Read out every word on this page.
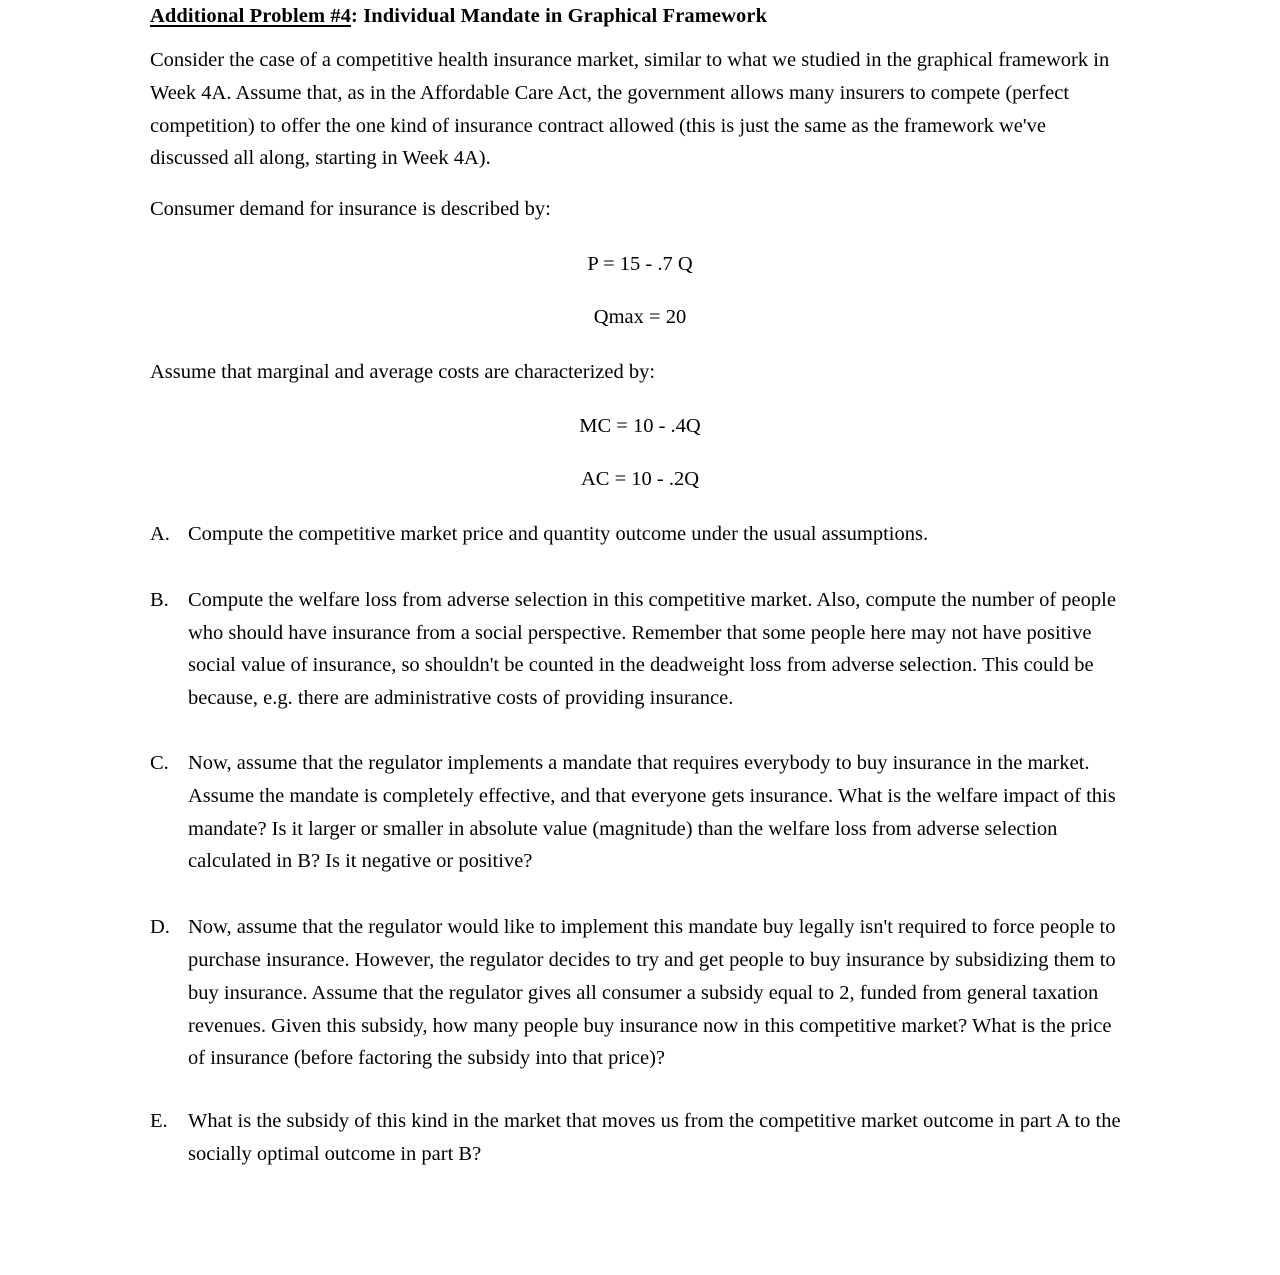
Additional Problem #4: Individual Mandate in Graphical Framework

Consider the case of a competitive health insurance market, similar to what we studied in the graphical framework in Week 4A. Assume that, as in the Affordable Care Act, the government allows many insurers to compete (perfect competition) to offer the one kind of insurance contract allowed (this is just the same as the framework we've discussed all along, starting in Week 4A).

Consumer demand for insurance is described by:

P = 15 - .7 Q
Qmax = 20

Assume that marginal and average costs are characterized by:

MC = 10 - .4Q
AC = 10 - .2Q
A. Compute the competitive market price and quantity outcome under the usual assumptions.
B. Compute the welfare loss from adverse selection in this competitive market. Also, compute the number of people who should have insurance from a social perspective. Remember that some people here may not have positive social value of insurance, so shouldn't be counted in the deadweight loss from adverse selection. This could be because, e.g. there are administrative costs of providing insurance.
C. Now, assume that the regulator implements a mandate that requires everybody to buy insurance in the market. Assume the mandate is completely effective, and that everyone gets insurance. What is the welfare impact of this mandate? Is it larger or smaller in absolute value (magnitude) than the welfare loss from adverse selection calculated in B? Is it negative or positive?
D. Now, assume that the regulator would like to implement this mandate buy legally isn't required to force people to purchase insurance. However, the regulator decides to try and get people to buy insurance by subsidizing them to buy insurance. Assume that the regulator gives all consumer a subsidy equal to 2, funded from general taxation revenues. Given this subsidy, how many people buy insurance now in this competitive market? What is the price of insurance (before factoring the subsidy into that price)?
E. What is the subsidy of this kind in the market that moves us from the competitive market outcome in part A to the socially optimal outcome in part B?
